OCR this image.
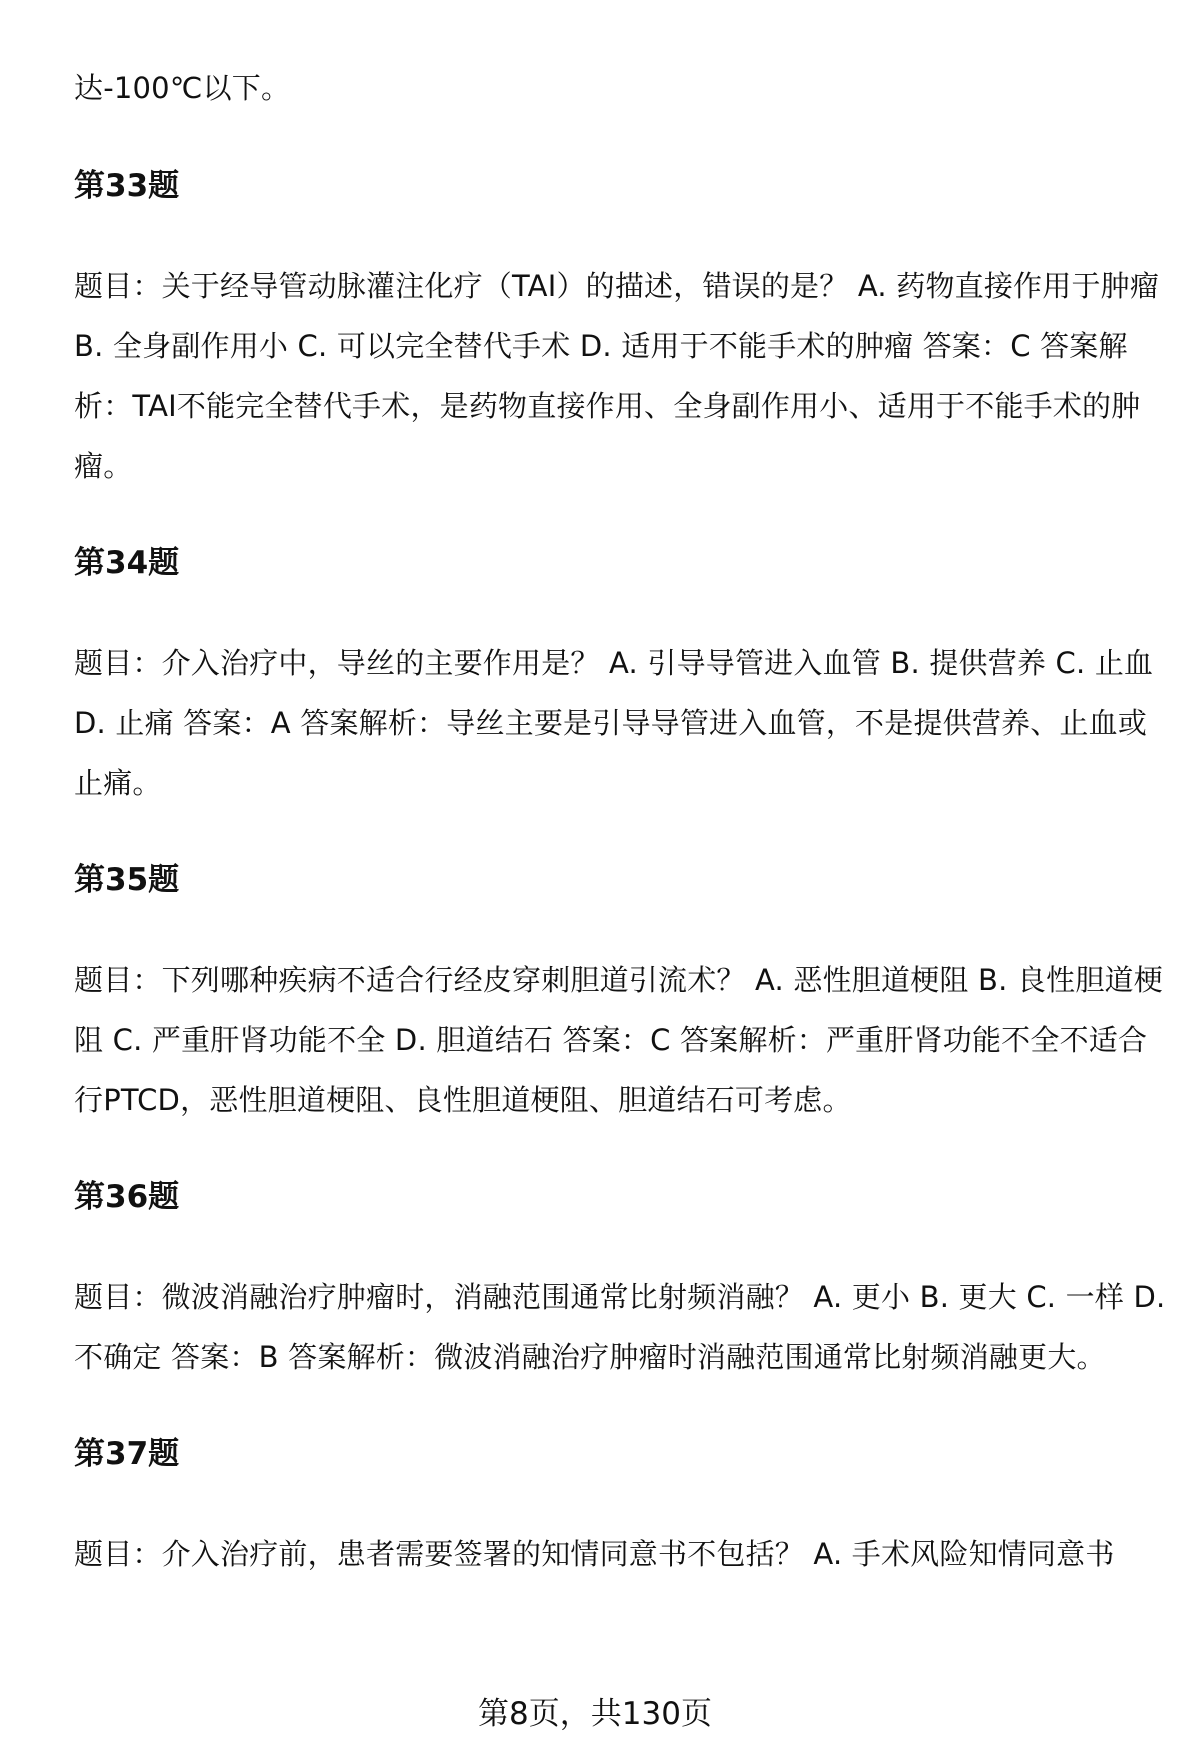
达-100℃以下。

第33题

题目：关于经导管动脉灌注化疗（TAI）的描述，错误的是？ A. 药物直接作用于肿瘤 B. 全身副作用小 C. 可以完全替代手术 D. 适用于不能手术的肿瘤 答案：C 答案解析：TAI不能完全替代手术，是药物直接作用、全身副作用小、适用于不能手术的肿瘤。

第34题

题目：介入治疗中，导丝的主要作用是？ A. 引导导管进入血管 B. 提供营养 C. 止血 D. 止痛 答案：A 答案解析：导丝主要是引导导管进入血管，不是提供营养、止血或止痛。

第35题

题目：下列哪种疾病不适合行经皮穿刺胆道引流术？ A. 恶性胆道梗阻 B. 良性胆道梗阻 C. 严重肝肾功能不全 D. 胆道结石 答案：C 答案解析：严重肝肾功能不全不适合行PTCD，恶性胆道梗阻、良性胆道梗阻、胆道结石可考虑。

第36题

题目：微波消融治疗肿瘤时，消融范围通常比射频消融？ A. 更小 B. 更大 C. 一样 D. 不确定 答案：B 答案解析：微波消融治疗肿瘤时消融范围通常比射频消融更大。

第37题

题目：介入治疗前，患者需要签署的知情同意书不包括？ A. 手术风险知情同意书

第8页，共130页
